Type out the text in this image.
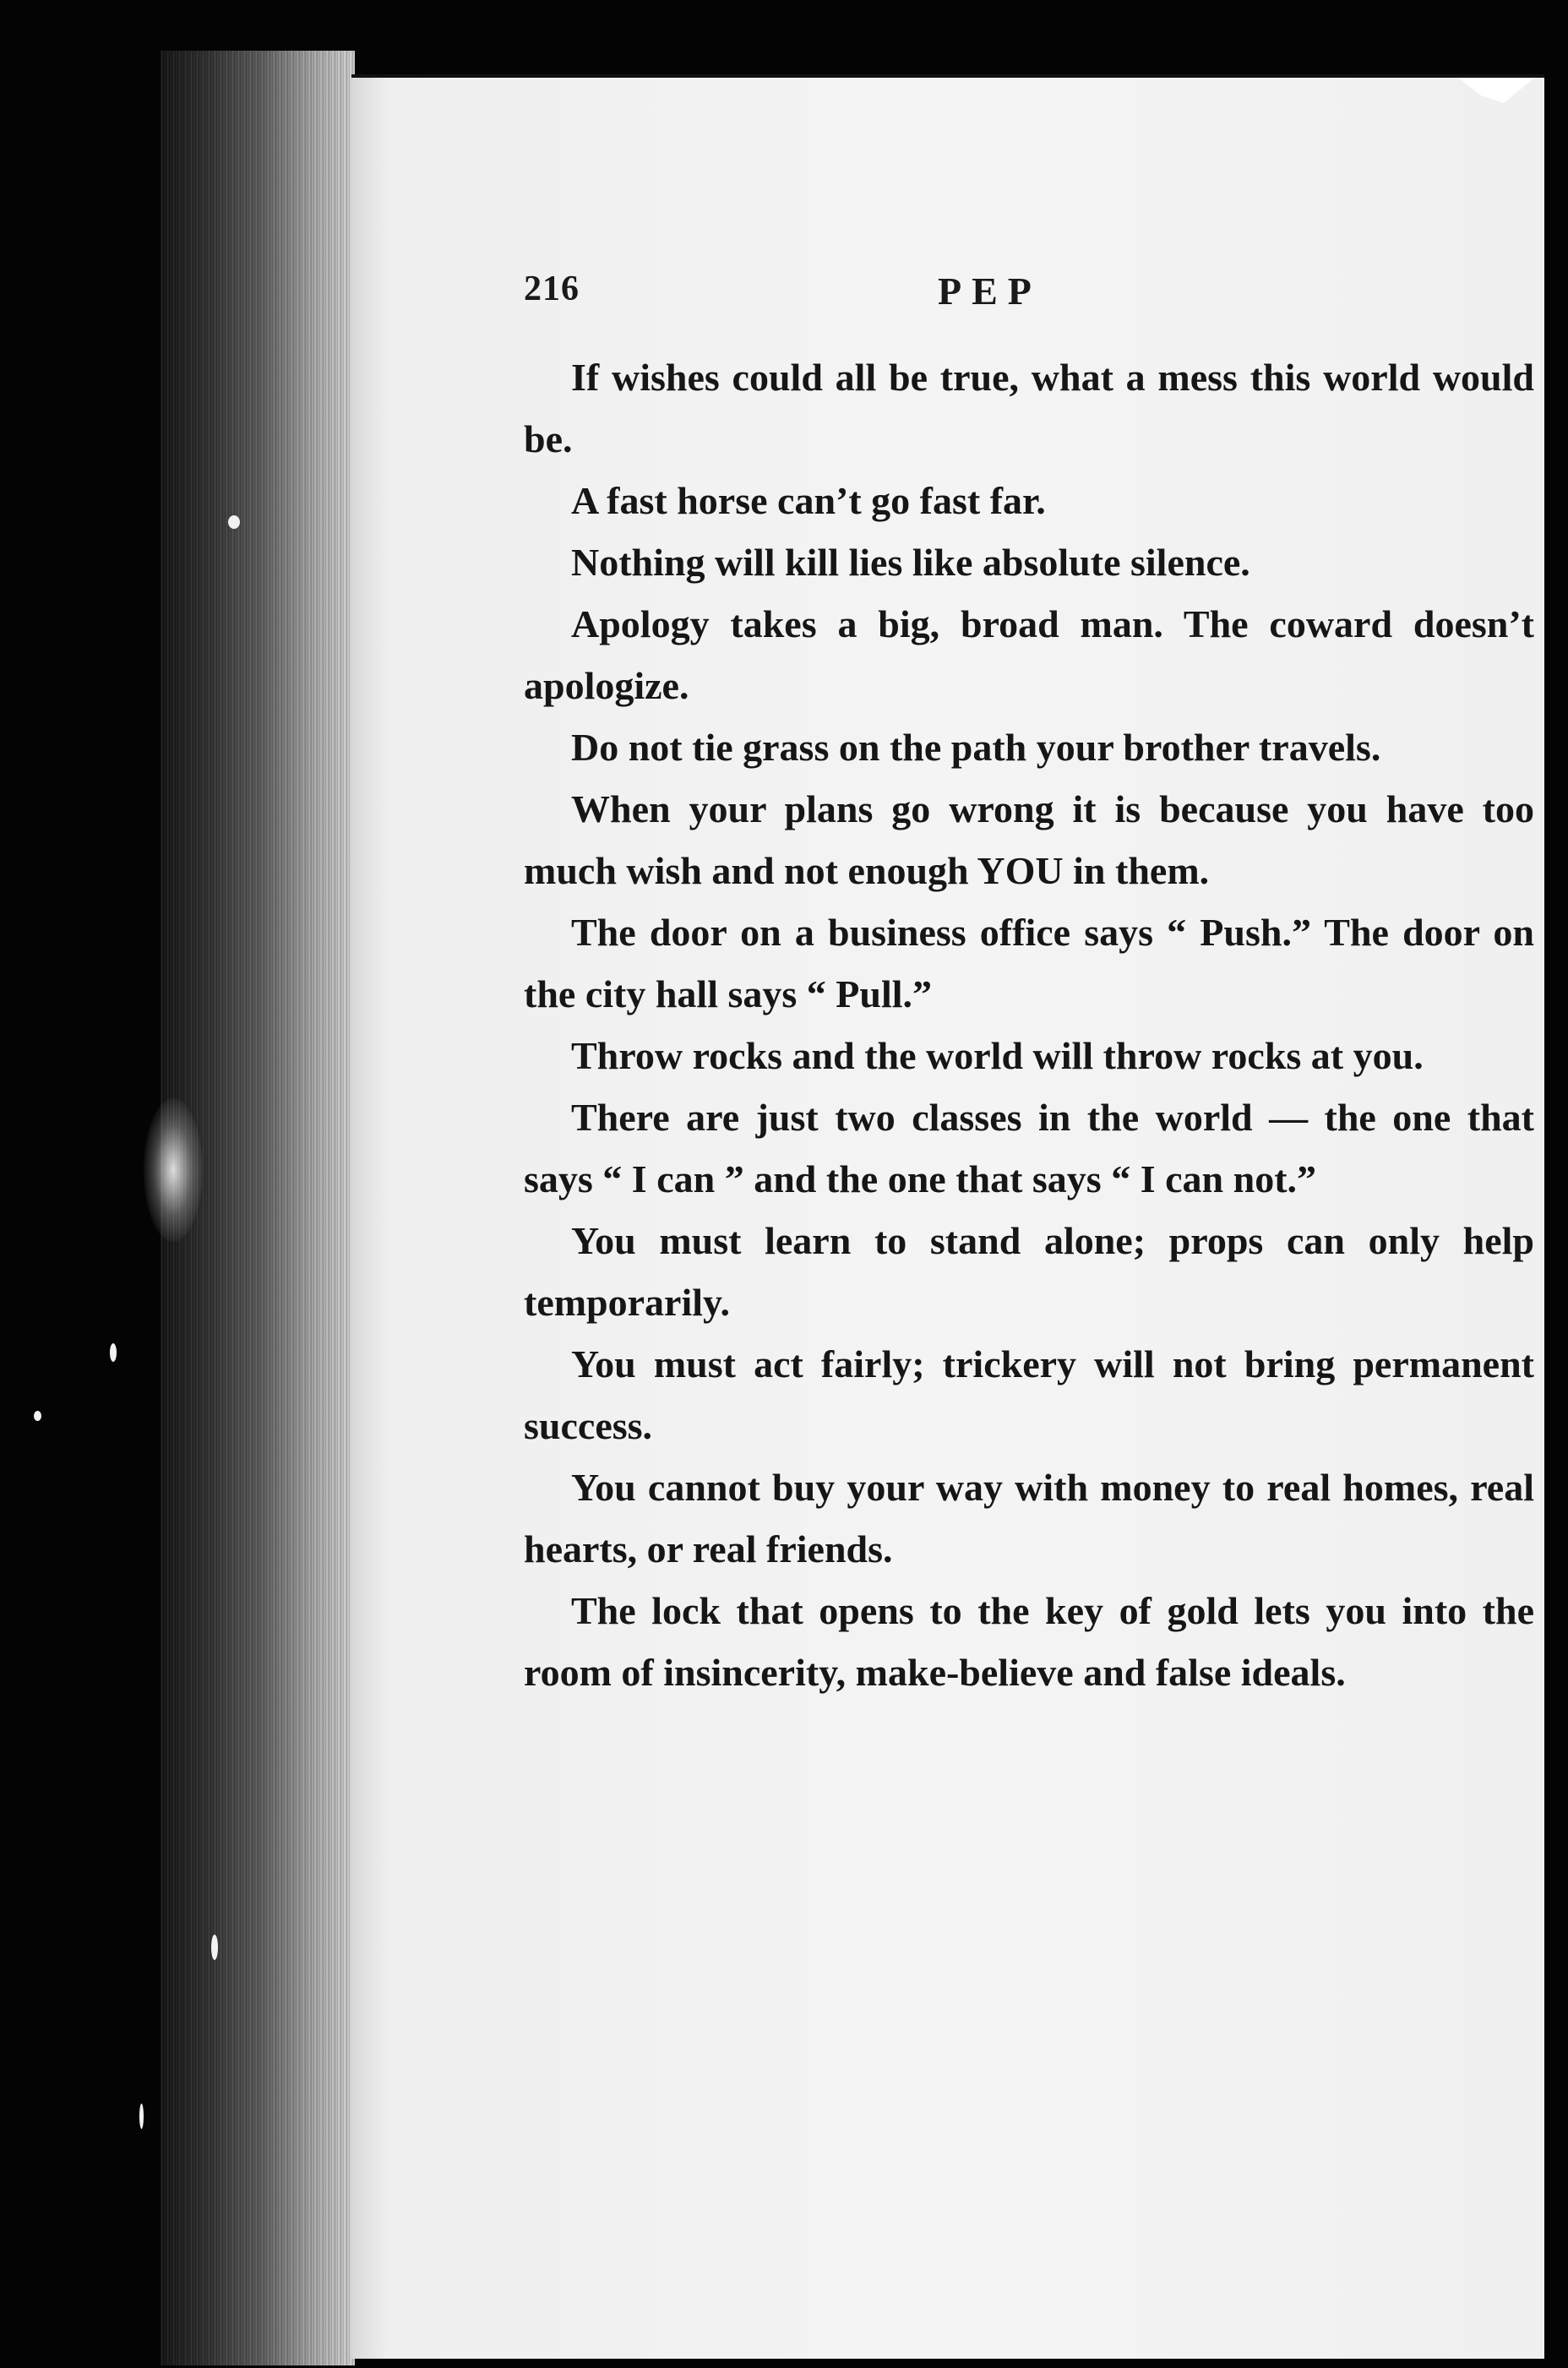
216	PEP

If wishes could all be true, what a mess this world would be.

A fast horse can’t go fast far.

Nothing will kill lies like absolute silence.

Apology takes a big, broad man. The coward doesn’t apologize.

Do not tie grass on the path your brother travels.

When your plans go wrong it is because you have too much wish and not enough YOU in them.

The door on a business office says “ Push.” The door on the city hall says “ Pull.”

Throw rocks and the world will throw rocks at you.

There are just two classes in the world — the one that says “ I can ” and the one that says “ I can not.”

You must learn to stand alone; props can only help temporarily.

You must act fairly; trickery will not bring permanent success.

You cannot buy your way with money to real homes, real hearts, or real friends.

The lock that opens to the key of gold lets you into the room of insincerity, make-believe and false ideals.
